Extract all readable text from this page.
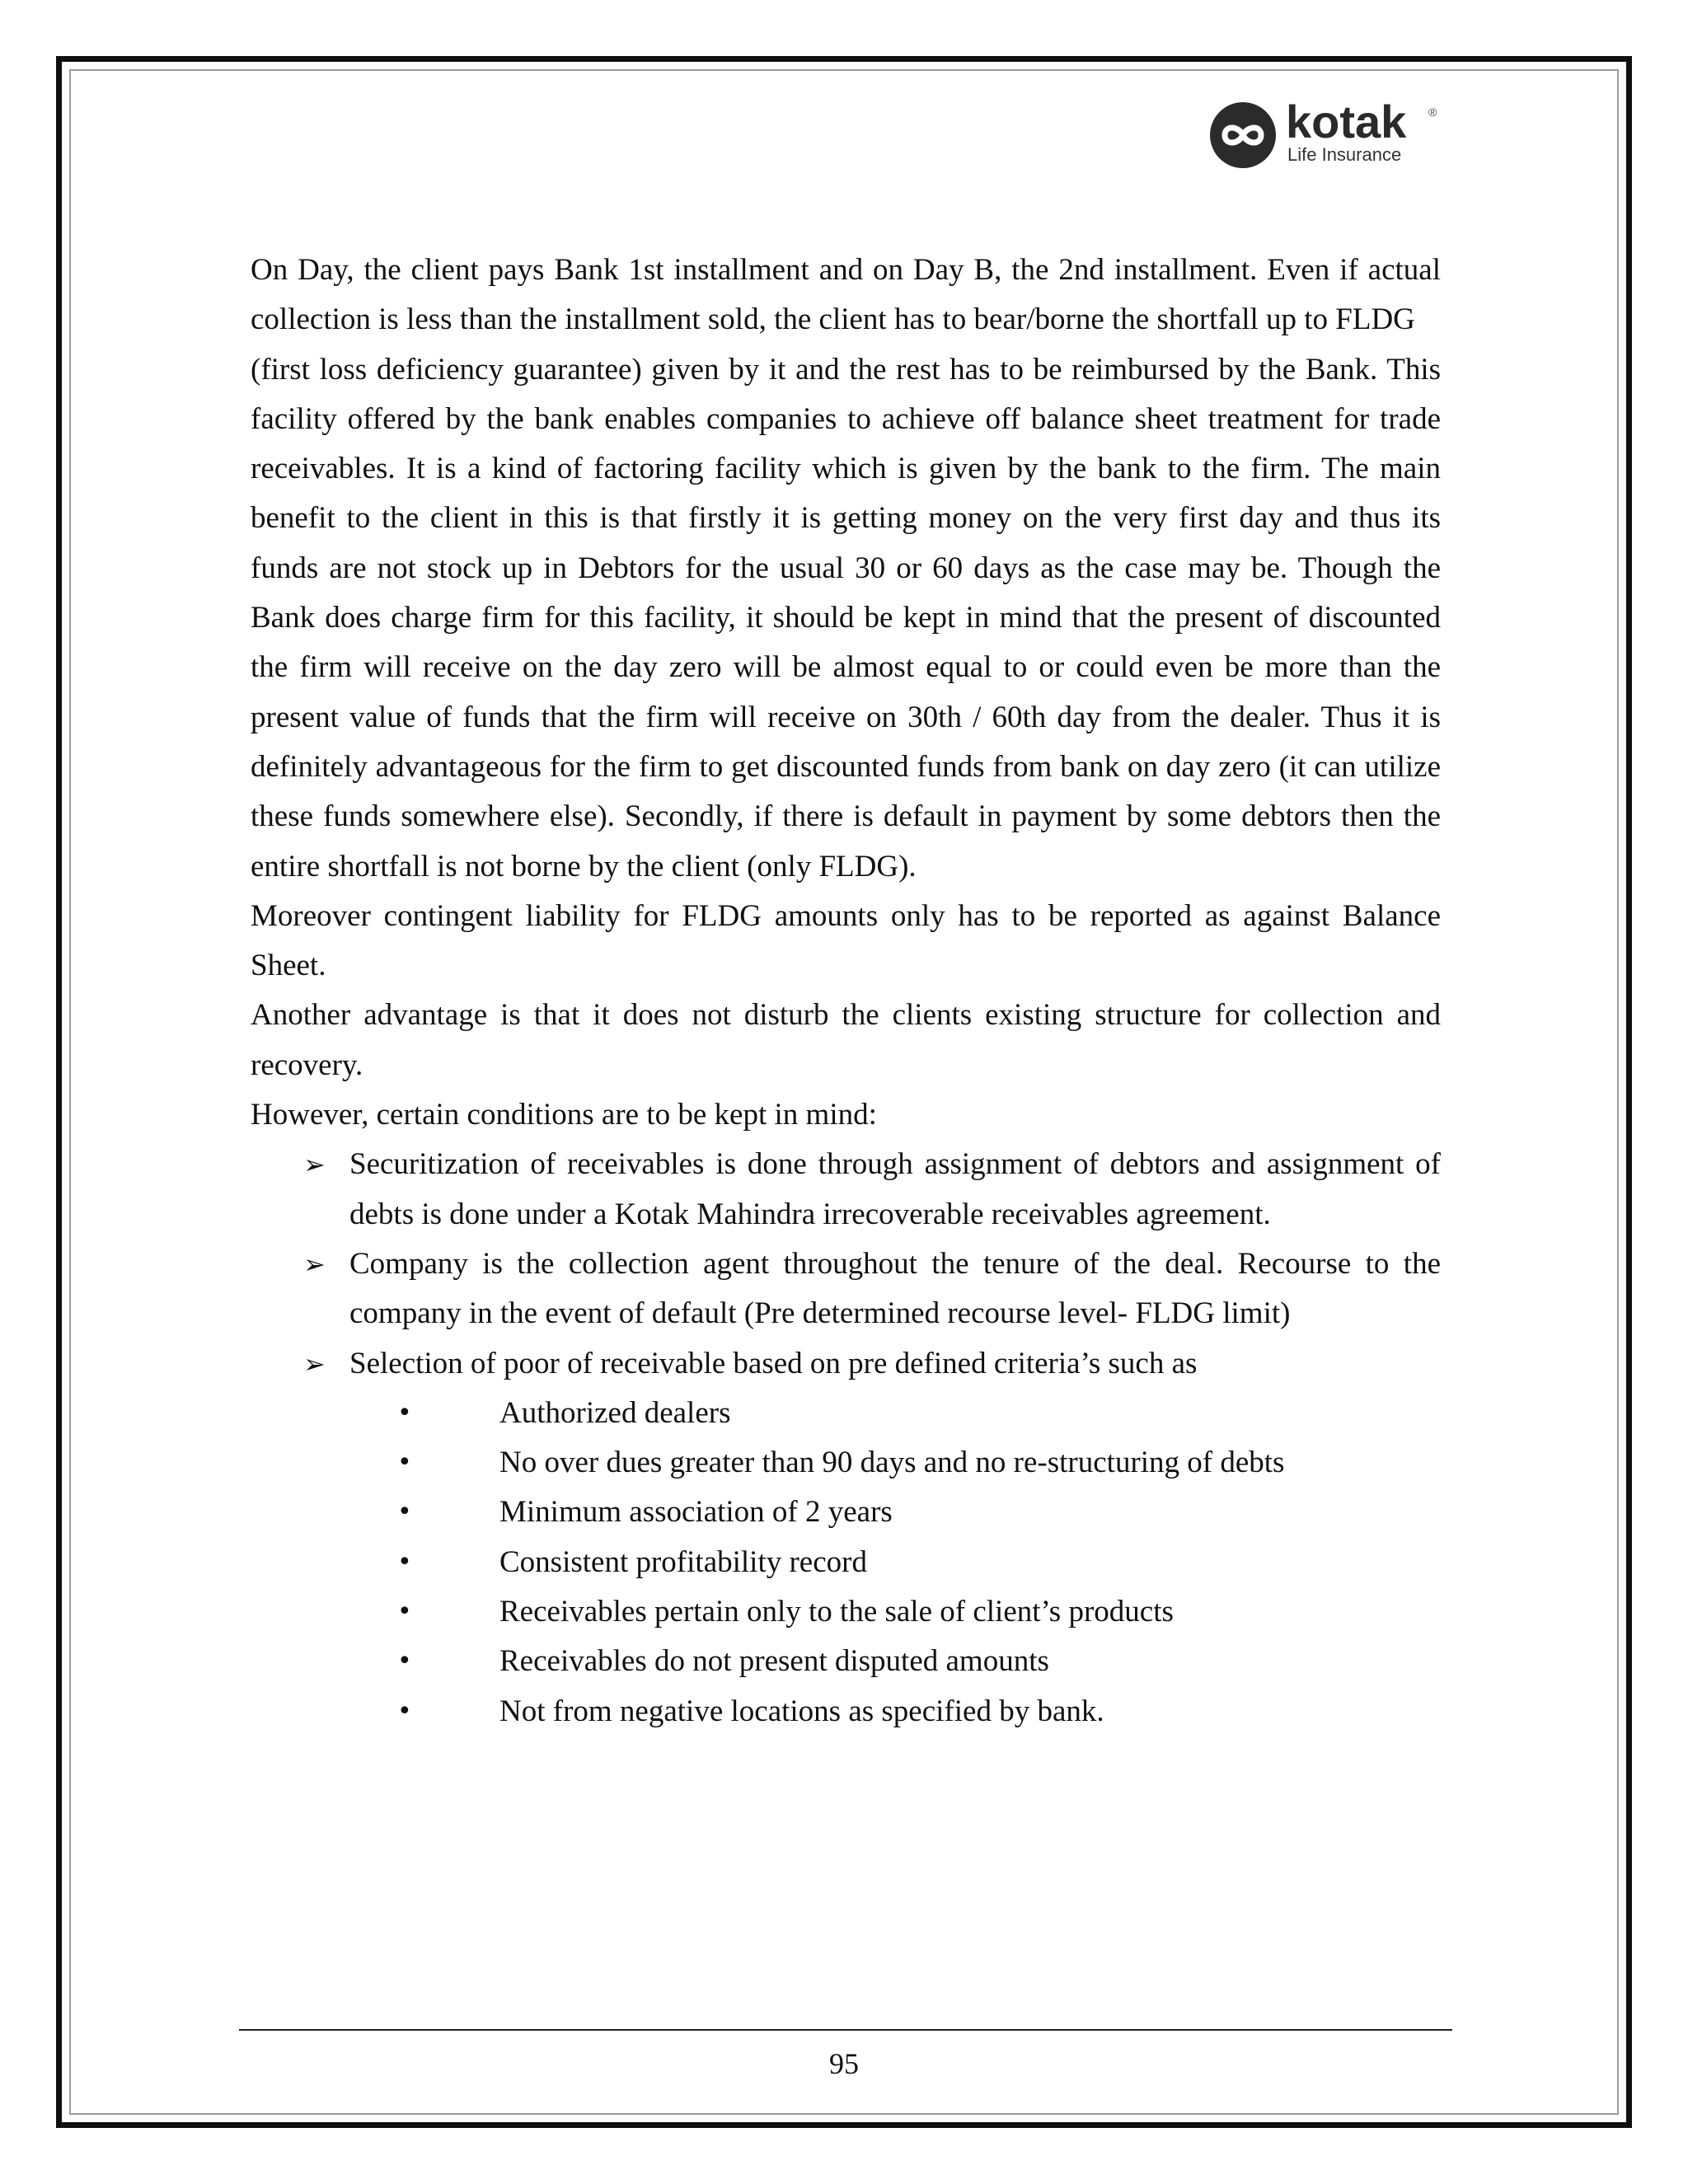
kotak ®
Life Insurance

On Day, the client pays Bank 1st installment and on Day B, the 2nd installment. Even if actual collection is less than the installment sold, the client has to bear/borne the shortfall up to FLDG

(first loss deficiency guarantee) given by it and the rest has to be reimbursed by the Bank. This facility offered by the bank enables companies to achieve off balance sheet treatment for trade receivables. It is a kind of factoring facility which is given by the bank to the firm. The main benefit to the client in this is that firstly it is getting money on the very first day and thus its funds are not stock up in Debtors for the usual 30 or 60 days as the case may be. Though the Bank does charge firm for this facility, it should be kept in mind that the present of discounted the firm will receive on the day zero will be almost equal to or could even be more than the present value of funds that the firm will receive on 30th / 60th day from the dealer. Thus it is definitely advantageous for the firm to get discounted funds from bank on day zero (it can utilize these funds somewhere else). Secondly, if there is default in payment by some debtors then the entire shortfall is not borne by the client (only FLDG).

Moreover contingent liability for FLDG amounts only has to be reported as against Balance Sheet.

Another advantage is that it does not disturb the clients existing structure for collection and recovery.

However, certain conditions are to be kept in mind:

➢ Securitization of receivables is done through assignment of debtors and assignment of debts is done under a Kotak Mahindra irrecoverable receivables agreement.
➢ Company is the collection agent throughout the tenure of the deal. Recourse to the company in the event of default (Pre determined recourse level- FLDG limit)
➢ Selection of poor of receivable based on pre defined criteria’s such as
•	Authorized dealers
•	No over dues greater than 90 days and no re-structuring of debts
•	Minimum association of 2 years
•	Consistent profitability record
•	Receivables pertain only to the sale of client’s products
•	Receivables do not present disputed amounts
•	Not from negative locations as specified by bank.
95
